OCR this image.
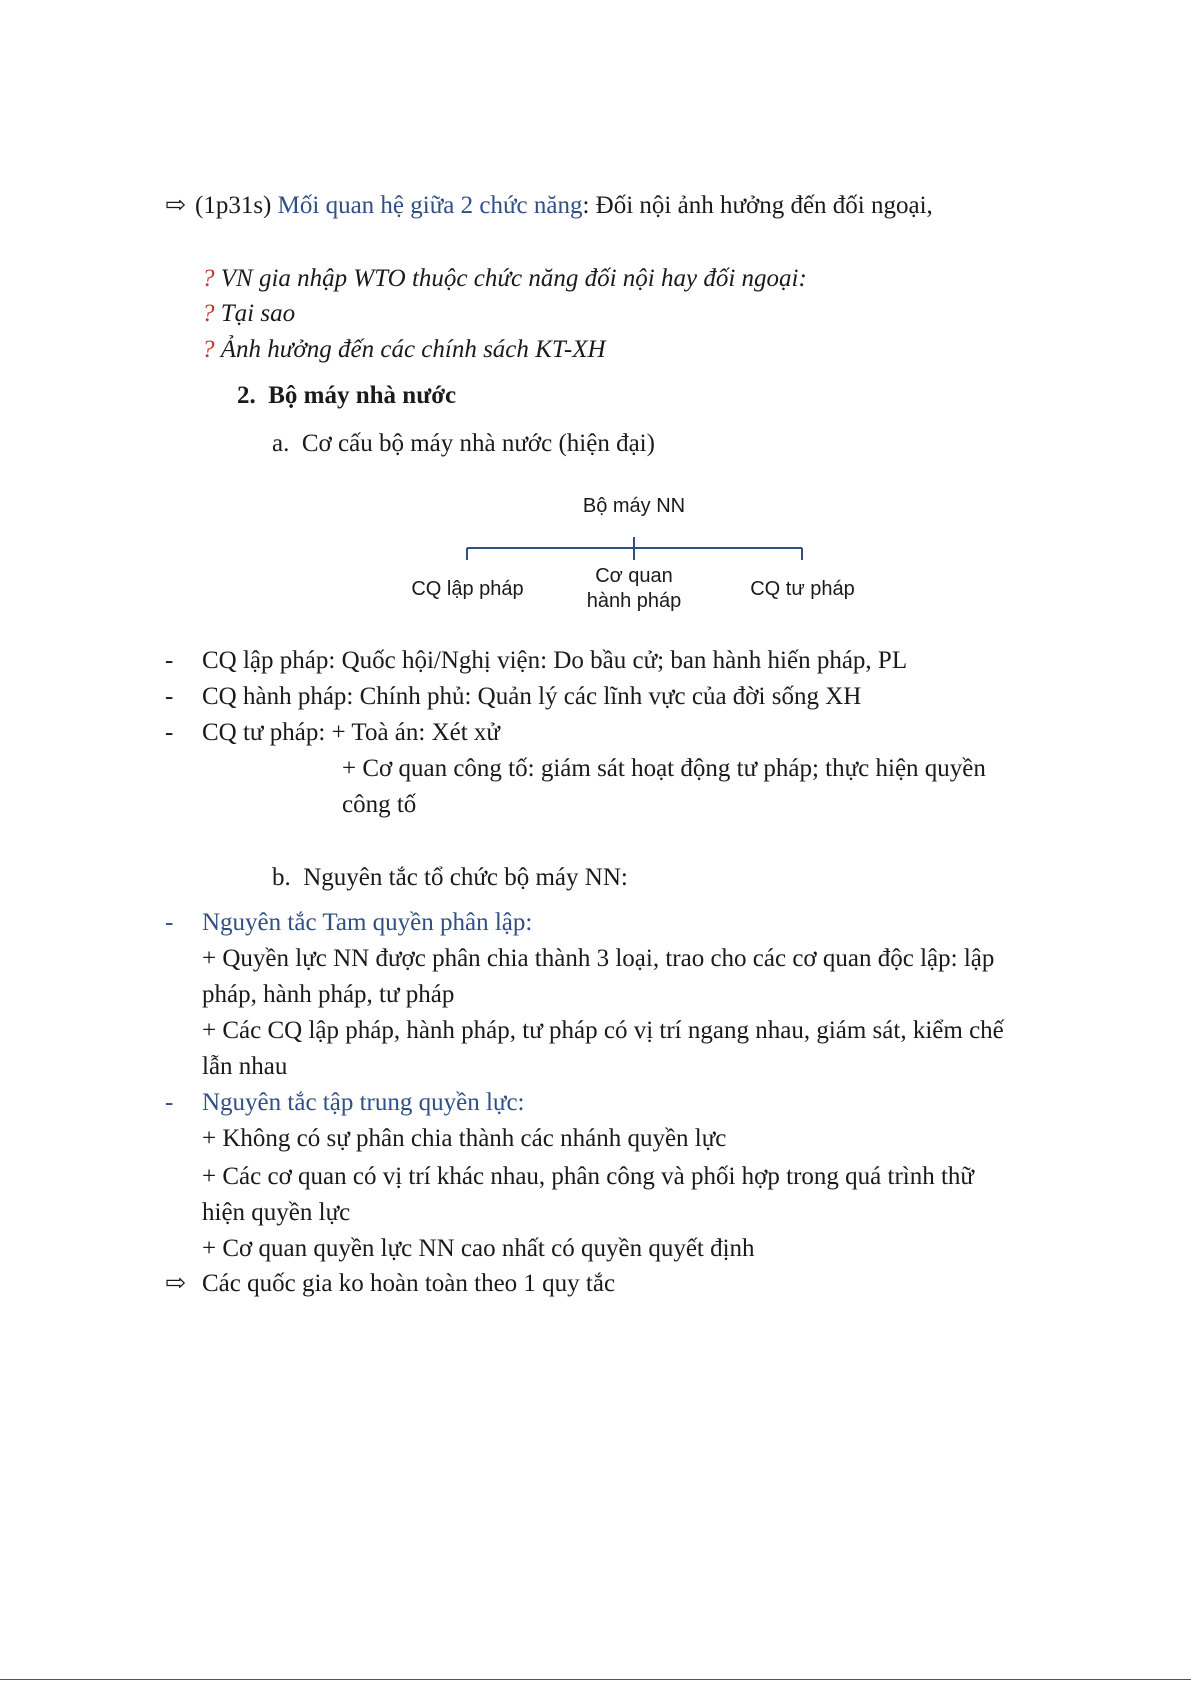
⇨ (1p31s) Mối quan hệ giữa 2 chức năng: Đối nội ảnh hưởng đến đối ngoại,
? VN gia nhập WTO thuộc chức năng đối nội hay đối ngoại:
? Tại sao
? Ảnh hưởng đến các chính sách KT-XH
2. Bộ máy nhà nước
a. Cơ cấu bộ máy nhà nước (hiện đại)
Bộ máy NN
CQ lập pháp
Cơ quan
hành pháp
CQ tư pháp
- CQ lập pháp: Quốc hội/Nghị viện: Do bầu cử; ban hành hiến pháp, PL
- CQ hành pháp: Chính phủ: Quản lý các lĩnh vực của đời sống XH
- CQ tư pháp: + Toà án: Xét xử
+ Cơ quan công tố: giám sát hoạt động tư pháp; thực hiện quyền
công tố
b. Nguyên tắc tổ chức bộ máy NN:
- Nguyên tắc Tam quyền phân lập:
+ Quyền lực NN được phân chia thành 3 loại, trao cho các cơ quan độc lập: lập
pháp, hành pháp, tư pháp
+ Các CQ lập pháp, hành pháp, tư pháp có vị trí ngang nhau, giám sát, kiểm chế
lẫn nhau
- Nguyên tắc tập trung quyền lực:
+ Không có sự phân chia thành các nhánh quyền lực
+ Các cơ quan có vị trí khác nhau, phân công và phối hợp trong quá trình thữ
hiện quyền lực
+ Cơ quan quyền lực NN cao nhất có quyền quyết định
⇨ Các quốc gia ko hoàn toàn theo 1 quy tắc
